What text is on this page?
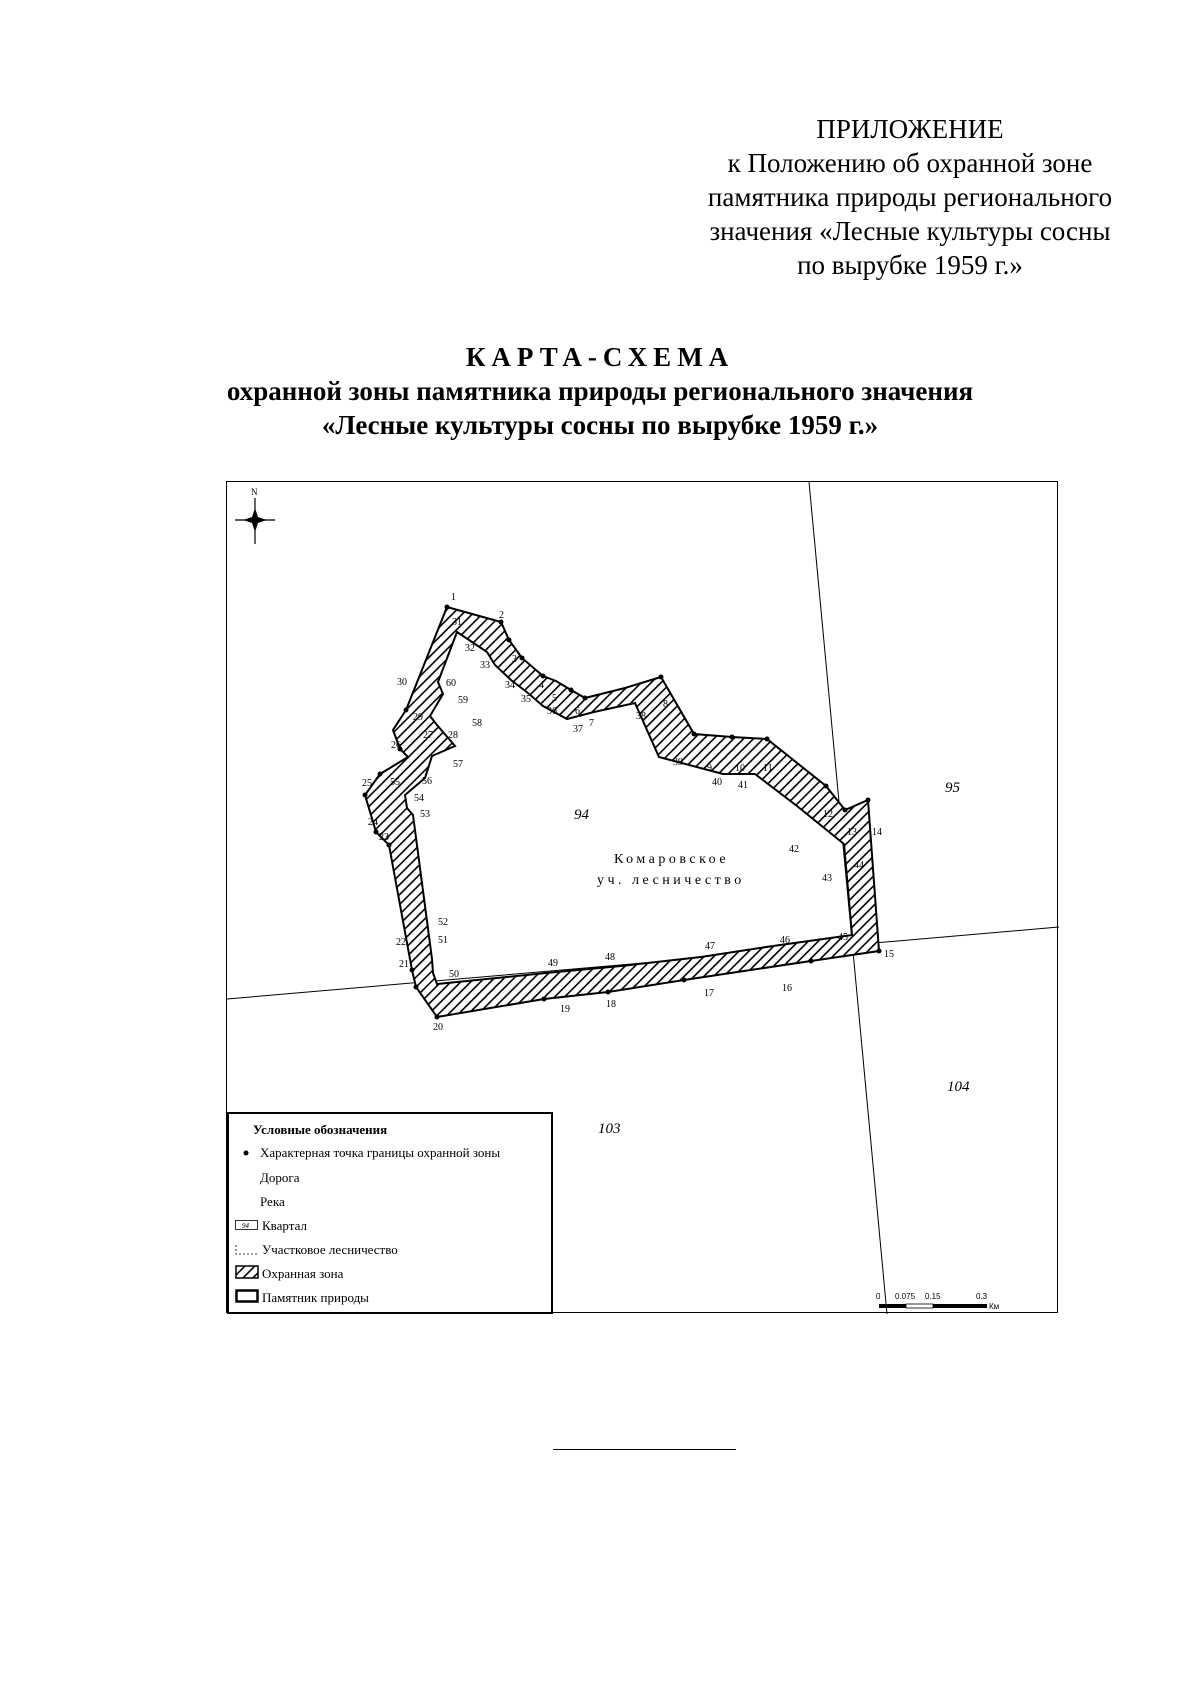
ПРИЛОЖЕНИЕ
к Положению об охранной зоне
памятника природы регионального
значения «Лесные культуры сосны
по вырубке 1959 г.»
КАРТА-СХЕМА
охранной зоны памятника природы регионального значения
«Лесные культуры сосны по вырубке 1959 г.»
1
2
3
4
5
6
7
8
9 10 11
12
13 14
15
16
17
18
19
20
21
22
23
24
25
26
29
30
27 28
31
32
33
34
35
36
37
38
39
40 41
42
43
44
45
46
47
48
49
50
51
52
53
54
55 56
57
58
59
60
N
94
95
103
104
Комаровское
уч. лесничество
0 0.075 0.15	0.3
Км
Условные обозначения
Характерная точка границы охранной зоны
Дорога
Река
94 Квартал
Участковое лесничество
Охранная зона
Памятник природы
